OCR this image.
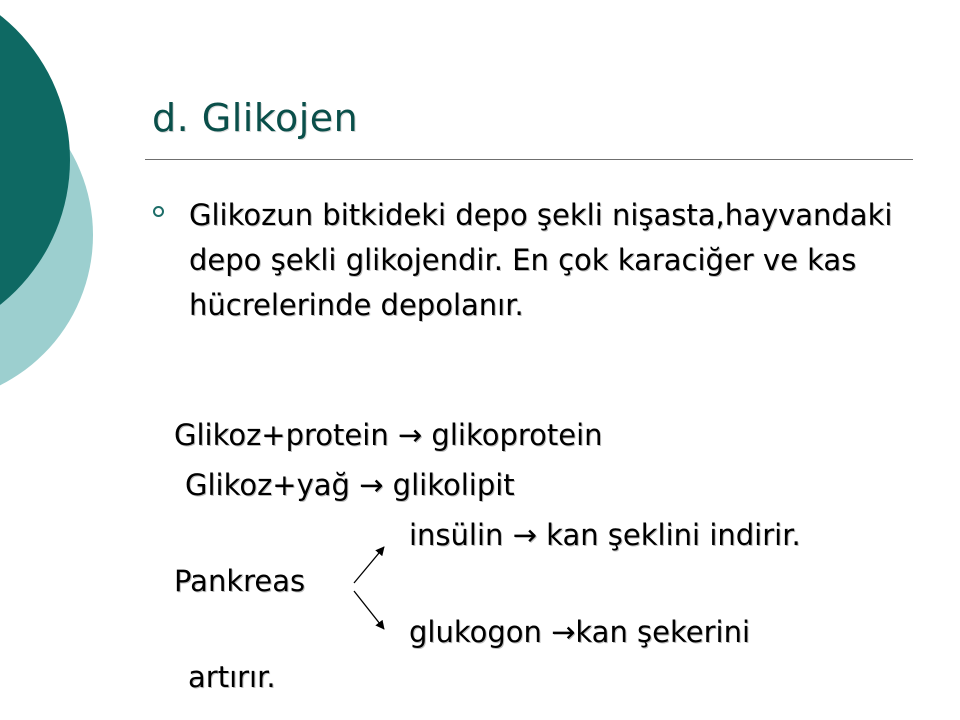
d. Glikojen

Glikozun bitkideki depo şekli nişasta,hayvandaki depo şekli glikojendir. En çok karaciğer ve kas hücrelerinde depolanır.

Glikoz+protein → glikoprotein

Glikoz+yağ → glikolipit

insülin → kan şeklini indirir.

Pankreas

glukogon →kan şekerini

artırır.
